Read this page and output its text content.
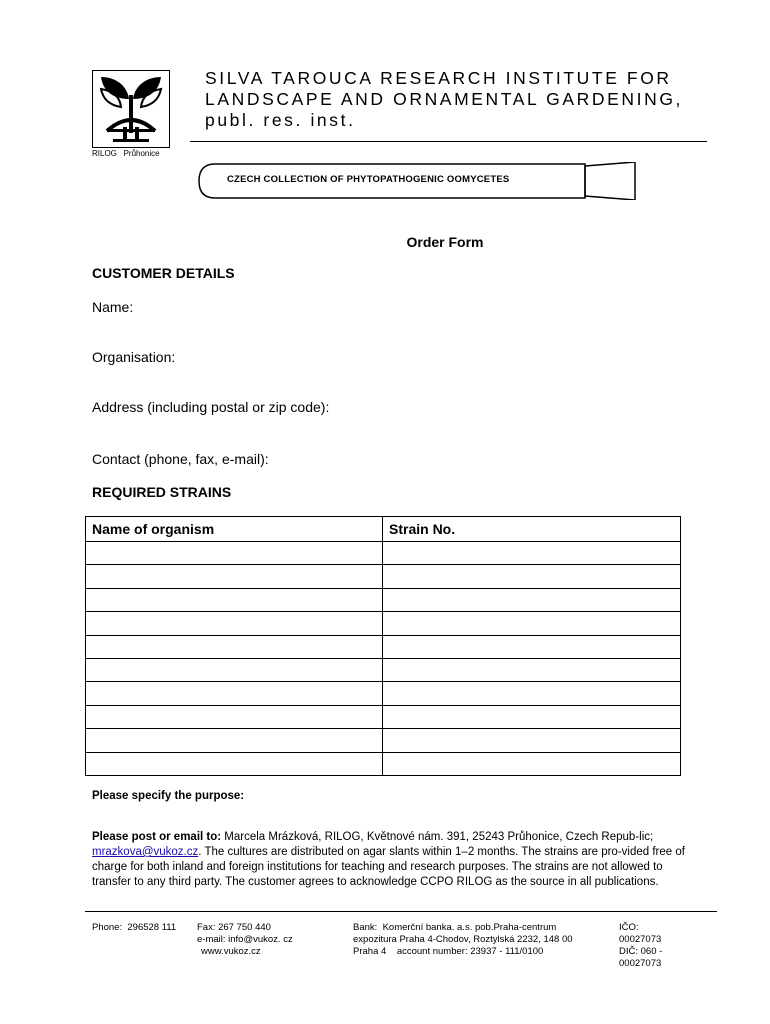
RILOG   Průhonice
SILVA TAROUCA RESEARCH INSTITUTE FOR
LANDSCAPE AND ORNAMENTAL GARDENING,
publ. res. inst.
CZECH COLLECTION OF PHYTOPATHOGENIC OOMYCETES
Order Form
CUSTOMER DETAILS
Name:
Organisation:
Address (including postal or zip code):
Contact (phone, fax, e-mail):
REQUIRED STRAINS
Name of organism	Strain No.

Please specify the purpose:
Please post or email to: Marcela Mrázková, RILOG, Květnové nám. 391, 25243 Průhonice, Czech Repub-lic; mrazkova@vukoz.cz. The cultures are distributed on agar slants within 1–2 months. The strains are pro-vided free of charge for both inland and foreign institutions for teaching and research purposes. The strains are not allowed to transfer to any third party. The customer agrees to acknowledge CCPO RILOG as the source in all publications.
Phone:  296528 111 Fax: 267 750 440
e-mail: info@vukoz. cz
www.vukoz.cz
Bank:  Komerční banka. a.s. pob.Praha-centrum
expozitura Praha 4-Chodov, Roztylská 2232, 148 00
Praha 4    account number: 23937 - 111/0100
IČO:
00027073
DIČ: 060 -
00027073
